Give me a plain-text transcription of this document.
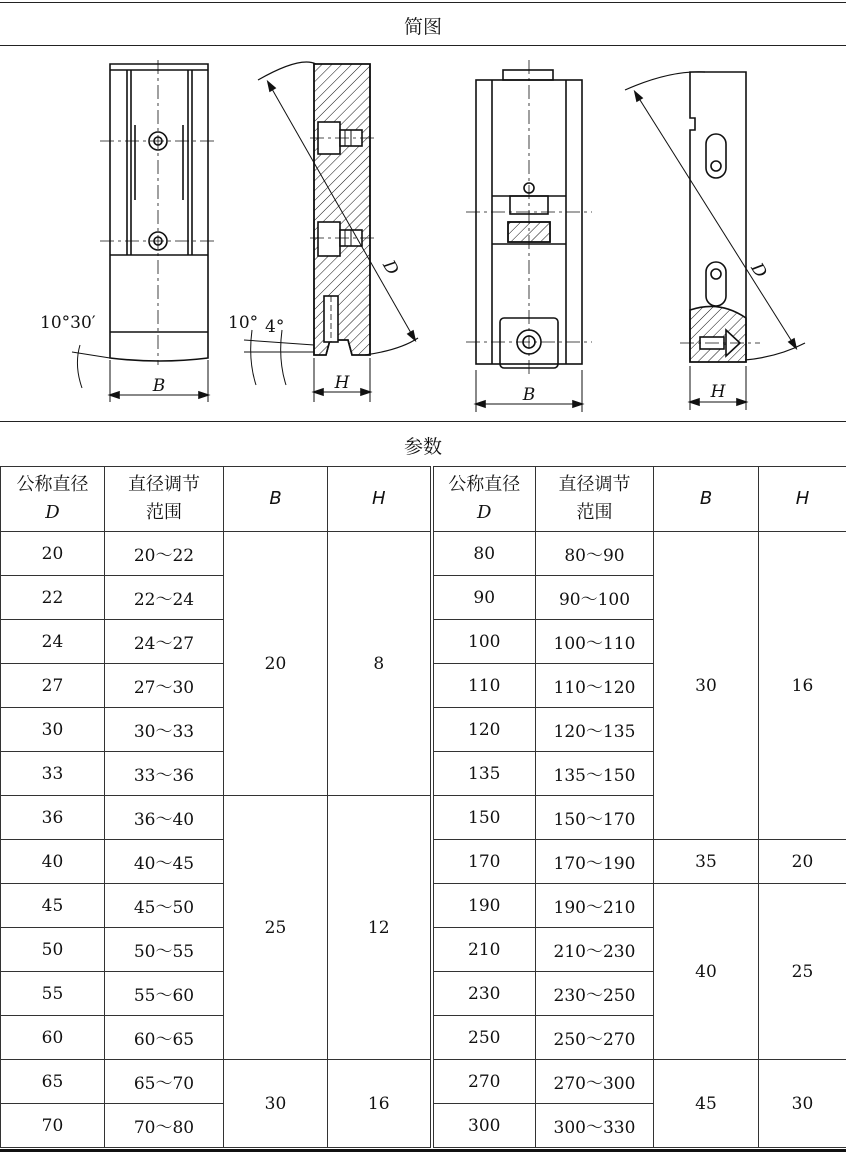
简图
B
10°30′
D
H
10° 4°
B
D
H
参数
公称直径
D	直径调节
范围	B	H	公称直径
D	直径调节
范围	B	H
20	20～22	20	8	80	80～90	30	16
22	22～24			90	90～100		
24	24～27			100	100～110		
27	27～30			110	110～120		
30	30～33			120	120～135		
33	33～36			135	135～150		
36	36～40	25	12	150	150～170		
40	40～45			170	170～190	35	20
45	45～50			190	190～210	40	25
50	50～55			210	210～230		
55	55～60			230	230～250		
60	60～65			250	250～270		
65	65～70	30	16	270	270～300	45	30
70	70～80			300	300～330		
